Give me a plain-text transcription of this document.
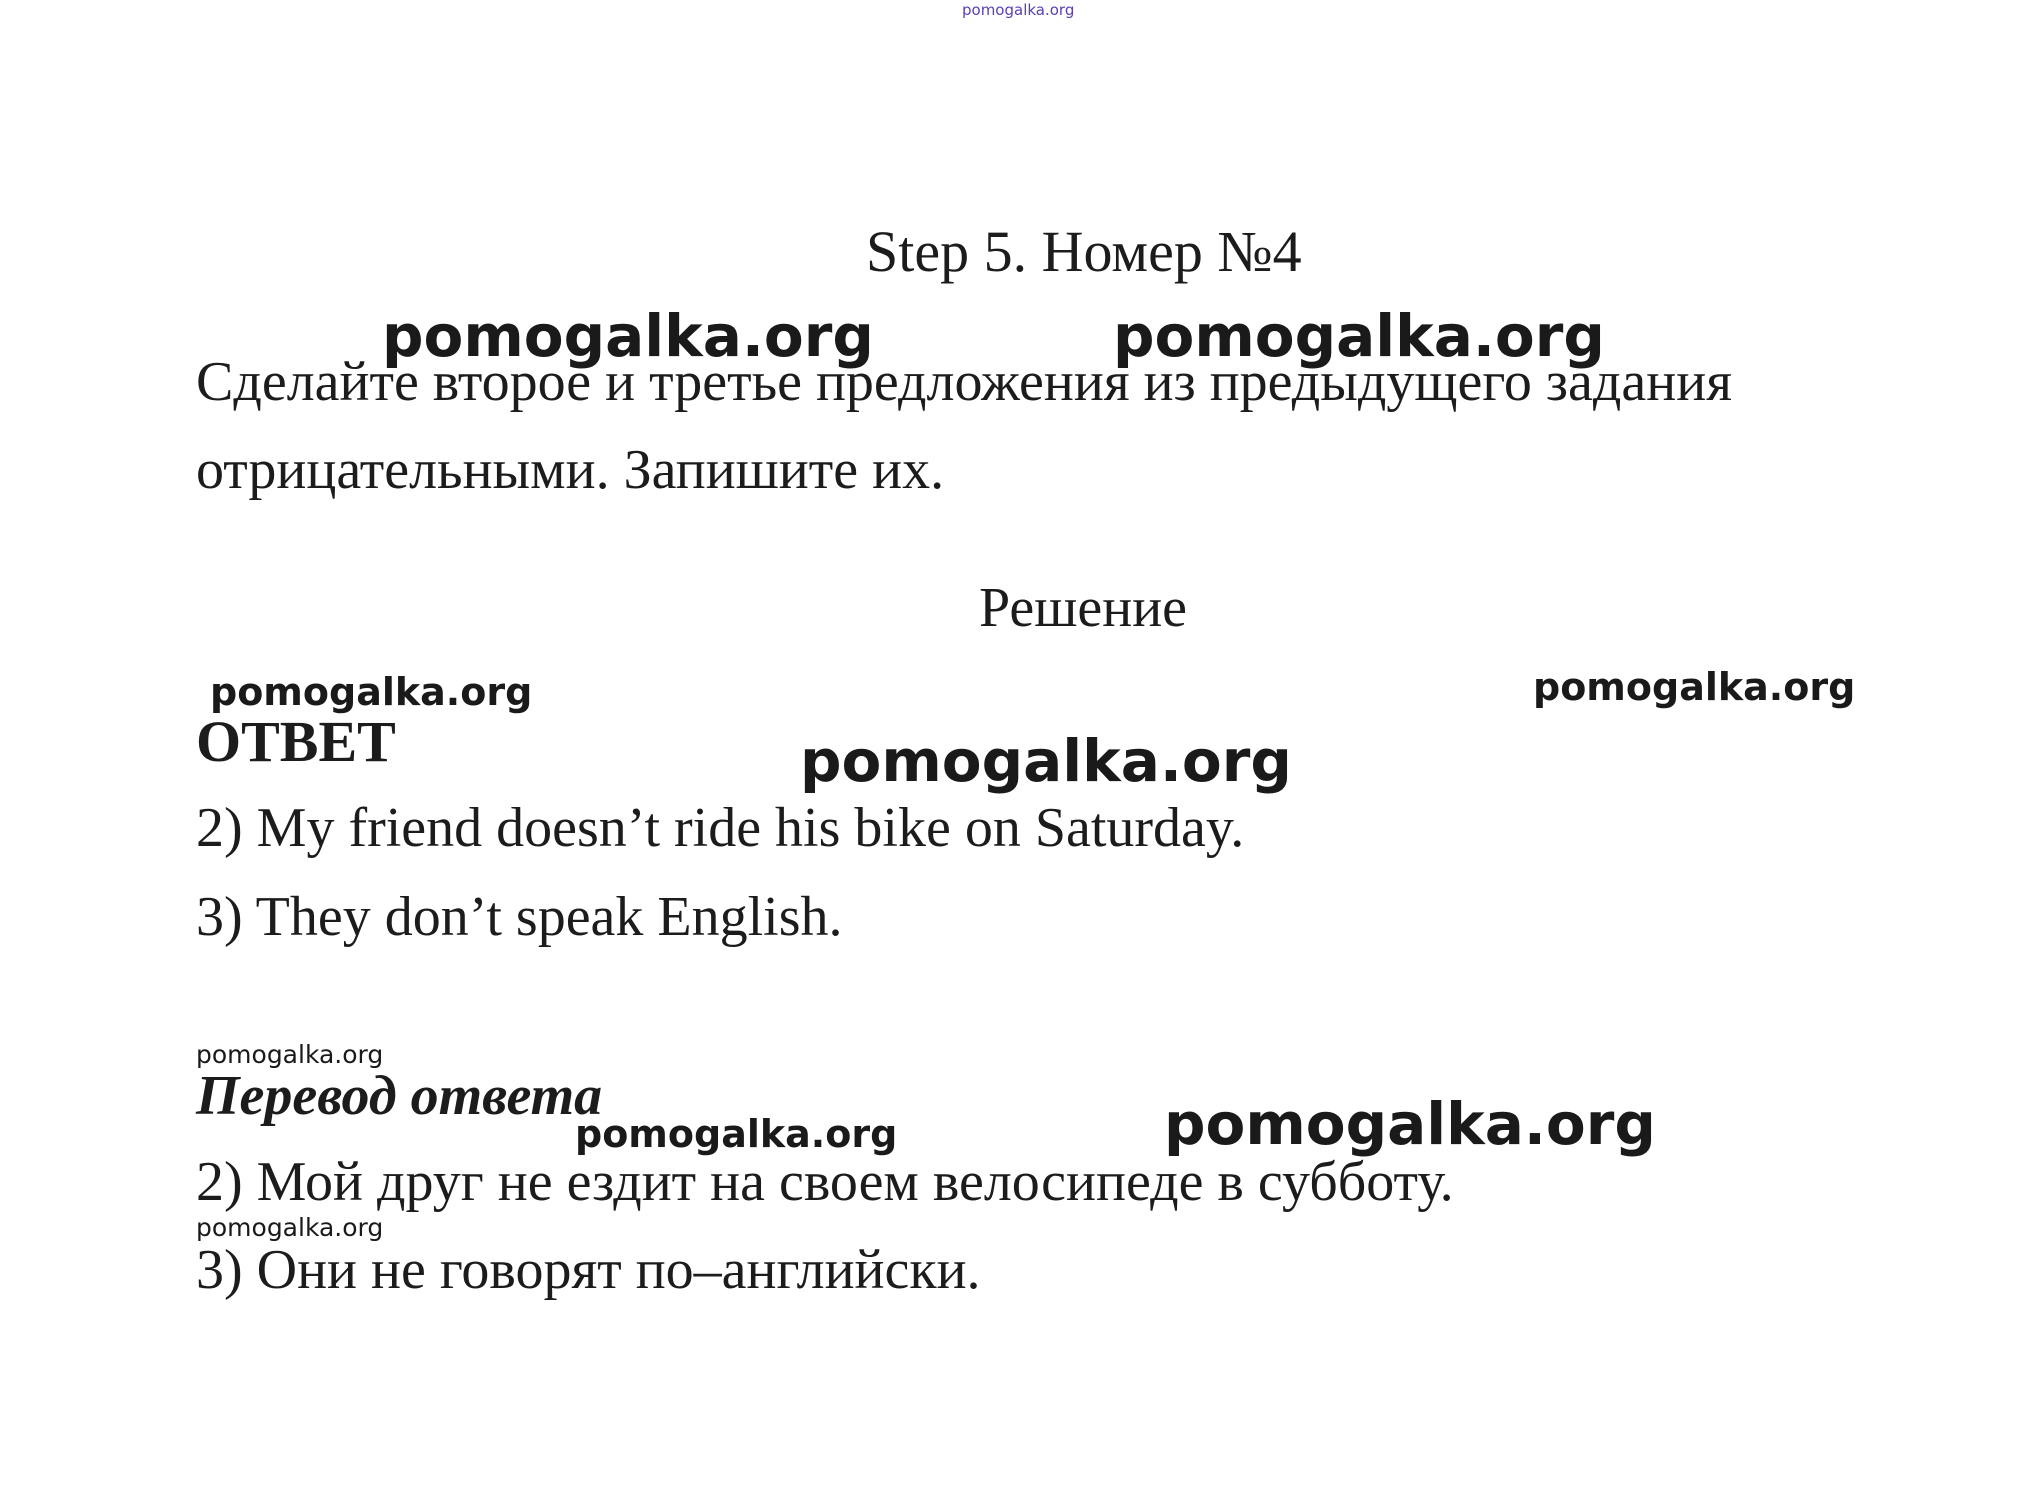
pomogalka.org
Step 5. Номер №4
Сделайте второе и третье предложения из предыдущего задания
отрицательными. Запишите их.
Решение
ОТВЕТ
2) My friend doesn’t ride his bike on Saturday.
3) They don’t speak English.
Перевод ответа
2) Мой друг не ездит на своем велосипеде в субботу.
3) Они не говорят по–английски.
pomogalka.org	pomogalka.org
pomogalka.org	pomogalka.org
pomogalka.org
pomogalka.org
pomogalka.org	pomogalka.org
pomogalka.org
